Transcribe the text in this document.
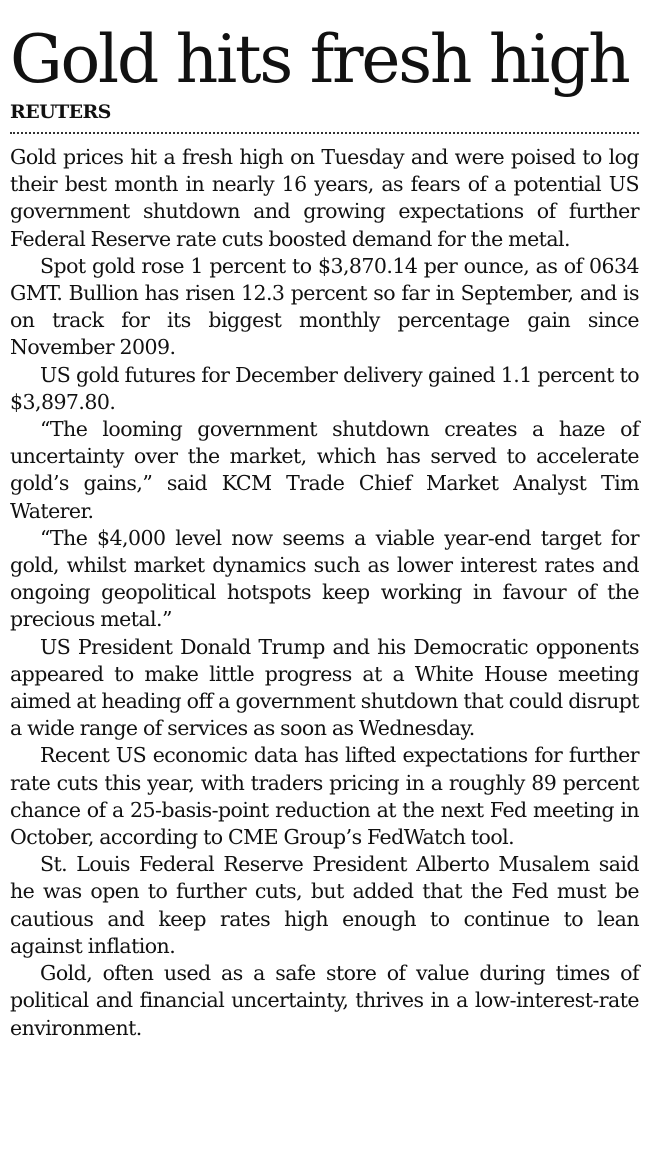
Gold hits fresh high
REUTERS

Gold prices hit a fresh high on Tuesday and were poised to log their best month in nearly 16 years, as fears of a potential US government shutdown and growing expectations of further Federal Reserve rate cuts boosted demand for the metal.

Spot gold rose 1 percent to $3,870.14 per ounce, as of 0634 GMT. Bullion has risen 12.3 percent so far in September, and is on track for its biggest monthly percentage gain since November 2009.

US gold futures for December delivery gained 1.1 percent to $3,897.80.

“The looming government shutdown creates a haze of uncertainty over the market, which has served to accelerate gold’s gains,” said KCM Trade Chief Market Analyst Tim Waterer.

“The $4,000 level now seems a viable year-end target for gold, whilst market dynamics such as lower interest rates and ongoing geopolitical hotspots keep working in favour of the precious metal.”

US President Donald Trump and his Democratic opponents appeared to make little progress at a White House meeting aimed at heading off a government shutdown that could disrupt a wide range of services as soon as Wednesday.

Recent US economic data has lifted expectations for further rate cuts this year, with traders pricing in a roughly 89 percent chance of a 25-basis-point reduction at the next Fed meeting in October, according to CME Group’s FedWatch tool.

St. Louis Federal Reserve President Alberto Musalem said he was open to further cuts, but added that the Fed must be cautious and keep rates high enough to continue to lean against inflation.

Gold, often used as a safe store of value during times of political and financial uncertainty, thrives in a low-interest-rate environment.
